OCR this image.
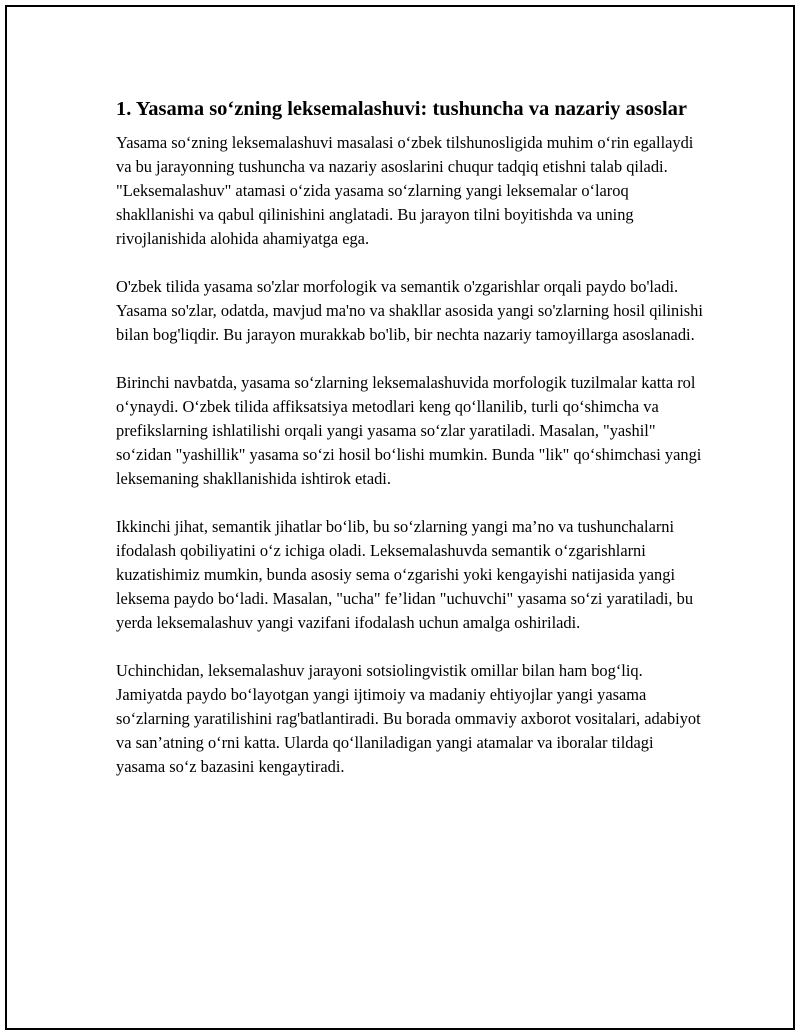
1. Yasama so‘zning leksemalashuvi: tushuncha va nazariy asoslar

Yasama so‘zning leksemalashuvi masalasi o‘zbek tilshunosligida muhim o‘rin egallaydi va bu jarayonning tushuncha va nazariy asoslarini chuqur tadqiq etishni talab qiladi. "Leksemalashuv" atamasi o‘zida yasama so‘zlarning yangi leksemalar o‘laroq shakllanishi va qabul qilinishini anglatadi. Bu jarayon tilni boyitishda va uning rivojlanishida alohida ahamiyatga ega.

O'zbek tilida yasama so'zlar morfologik va semantik o'zgarishlar orqali paydo bo'ladi. Yasama so'zlar, odatda, mavjud ma'no va shakllar asosida yangi so'zlarning hosil qilinishi bilan bog'liqdir. Bu jarayon murakkab bo'lib, bir nechta nazariy tamoyillarga asoslanadi.

Birinchi navbatda, yasama so‘zlarning leksemalashuvida morfologik tuzilmalar katta rol o‘ynaydi. O‘zbek tilida affiksatsiya metodlari keng qo‘llanilib, turli qo‘shimcha va prefikslarning ishlatilishi orqali yangi yasama so‘zlar yaratiladi. Masalan, "yashil" so‘zidan "yashillik" yasama so‘zi hosil bo‘lishi mumkin. Bunda "lik" qo‘shimchasi yangi leksemaning shakllanishida ishtirok etadi.

Ikkinchi jihat, semantik jihatlar bo‘lib, bu so‘zlarning yangi ma’no va tushunchalarni ifodalash qobiliyatini o‘z ichiga oladi. Leksemalashuvda semantik o‘zgarishlarni kuzatishimiz mumkin, bunda asosiy sema o‘zgarishi yoki kengayishi natijasida yangi leksema paydo bo‘ladi. Masalan, "ucha" fe’lidan "uchuvchi" yasama so‘zi yaratiladi, bu yerda leksemalashuv yangi vazifani ifodalash uchun amalga oshiriladi.

Uchinchidan, leksemalashuv jarayoni sotsiolingvistik omillar bilan ham bog‘liq. Jamiyatda paydo bo‘layotgan yangi ijtimoiy va madaniy ehtiyojlar yangi yasama so‘zlarning yaratilishini rag'batlantiradi. Bu borada ommaviy axborot vositalari, adabiyot va san’atning o‘rni katta. Ularda qo‘llaniladigan yangi atamalar va iboralar tildagi yasama so‘z bazasini kengaytiradi.
